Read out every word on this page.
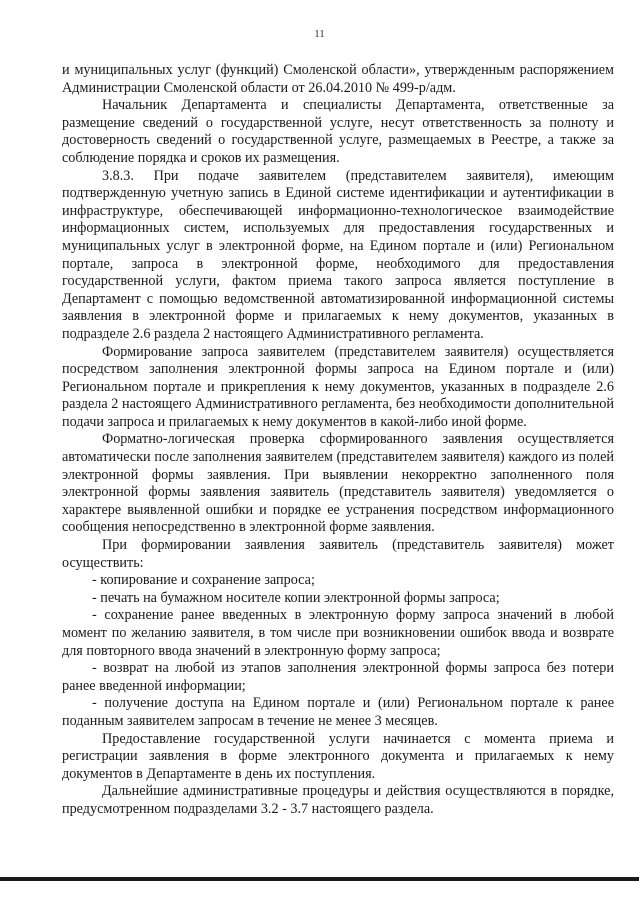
11

и муниципальных услуг (функций) Смоленской области», утвержденным распоряжением Администрации Смоленской области от 26.04.2010 № 499-р/адм.

Начальник Департамента и специалисты Департамента, ответственные за размещение сведений о государственной услуге, несут ответственность за полноту и достоверность сведений о государственной услуге, размещаемых в Реестре, а также за соблюдение порядка и сроков их размещения.

3.8.3. При подаче заявителем (представителем заявителя), имеющим подтвержденную учетную запись в Единой системе идентификации и аутентификации в инфраструктуре, обеспечивающей информационно-технологическое взаимодействие информационных систем, используемых для предоставления государственных и муниципальных услуг в электронной форме, на Едином портале и (или) Региональном портале, запроса в электронной форме, необходимого для предоставления государственной услуги, фактом приема такого запроса является поступление в Департамент с помощью ведомственной автоматизированной информационной системы заявления в электронной форме и прилагаемых к нему документов, указанных в подразделе 2.6 раздела 2 настоящего Административного регламента.

Формирование запроса заявителем (представителем заявителя) осуществляется посредством заполнения электронной формы запроса на Едином портале и (или) Региональном портале и прикрепления к нему документов, указанных в подразделе 2.6 раздела 2 настоящего Административного регламента, без необходимости дополнительной подачи запроса и прилагаемых к нему документов в какой-либо иной форме.

Форматно-логическая проверка сформированного заявления осуществляется автоматически после заполнения заявителем (представителем заявителя) каждого из полей электронной формы заявления. При выявлении некорректно заполненного поля электронной формы заявления заявитель (представитель заявителя) уведомляется о характере выявленной ошибки и порядке ее устранения посредством информационного сообщения непосредственно в электронной форме заявления.

При формировании заявления заявитель (представитель заявителя) может осуществить:

- копирование и сохранение запроса;

- печать на бумажном носителе копии электронной формы запроса;

- сохранение ранее введенных в электронную форму запроса значений в любой момент по желанию заявителя, в том числе при возникновении ошибок ввода и возврате для повторного ввода значений в электронную форму запроса;

- возврат на любой из этапов заполнения электронной формы запроса без потери ранее введенной информации;

- получение доступа на Едином портале и (или) Региональном портале к ранее поданным заявителем запросам в течение не менее 3 месяцев.

Предоставление государственной услуги начинается с момента приема и регистрации заявления в форме электронного документа и прилагаемых к нему документов в Департаменте в день их поступления.

Дальнейшие административные процедуры и действия осуществляются в порядке, предусмотренном подразделами 3.2 - 3.7 настоящего раздела.
